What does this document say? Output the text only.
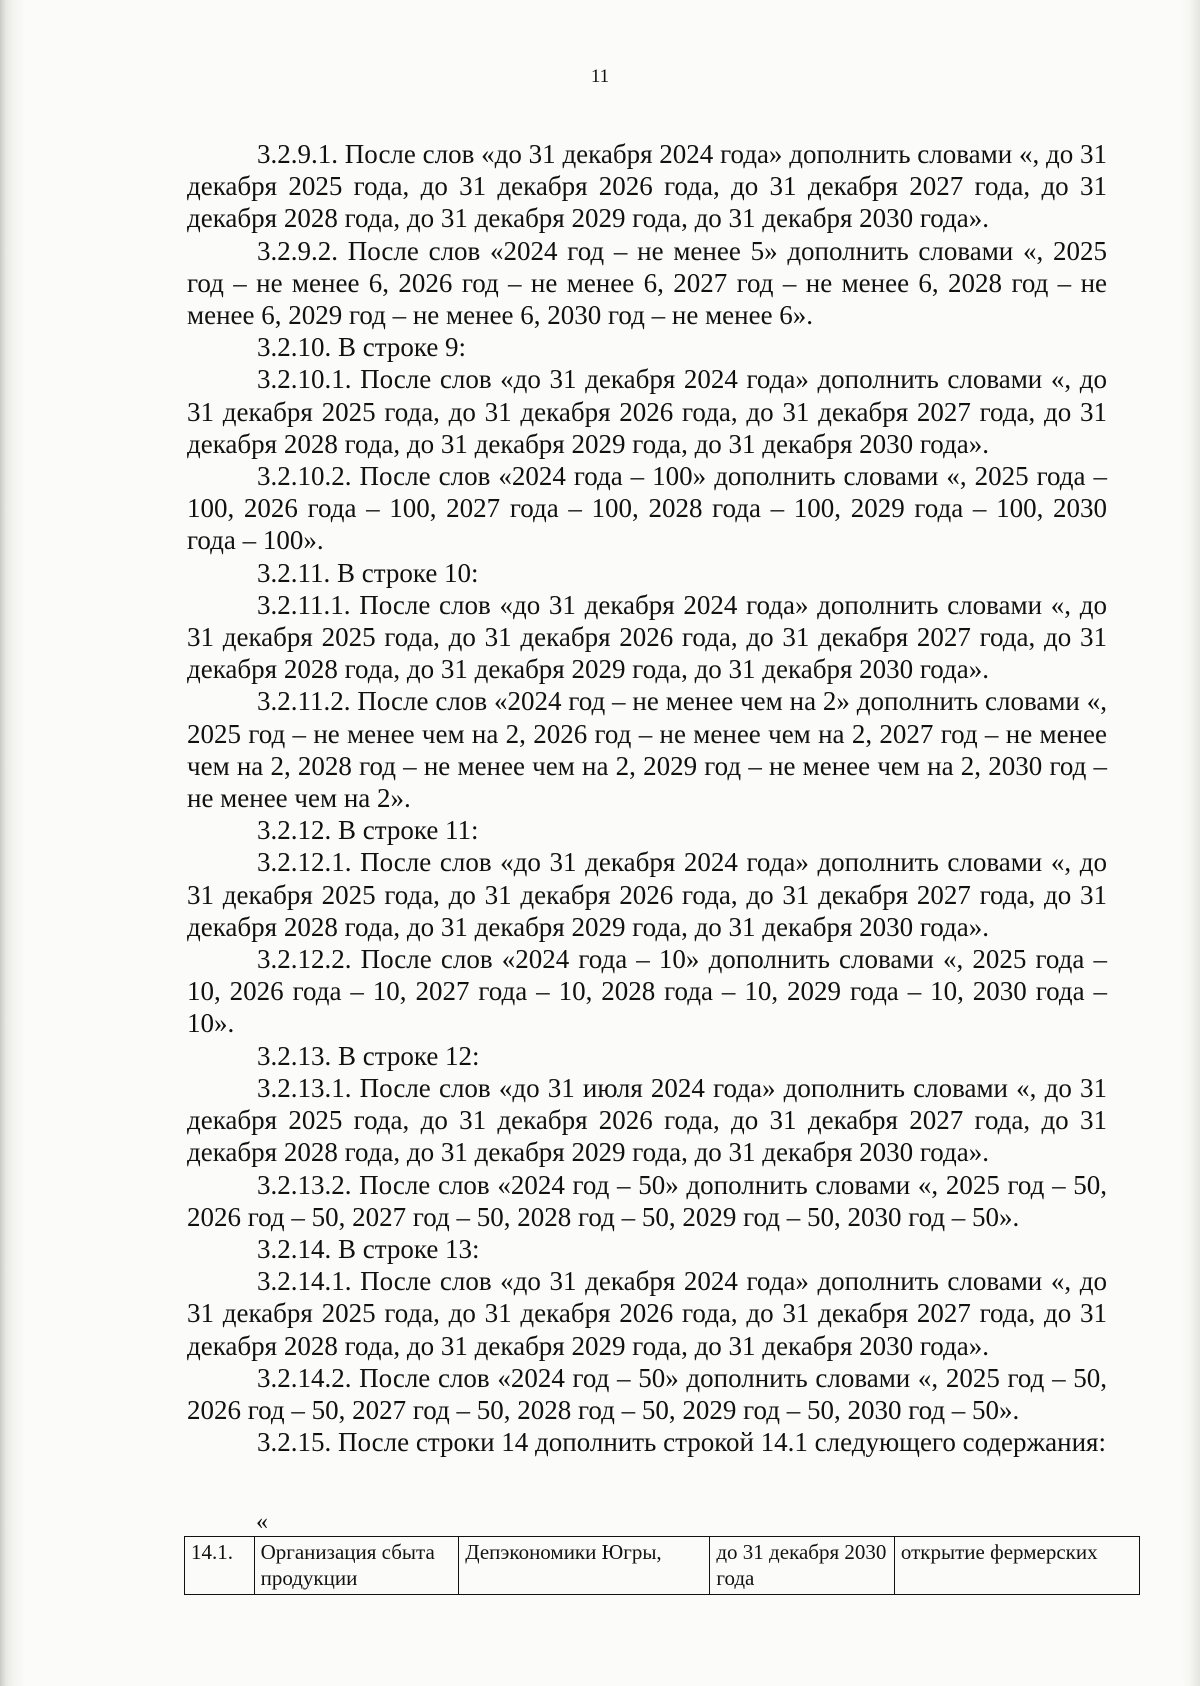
11

3.2.9.1. После слов «до 31 декабря 2024 года» дополнить словами «, до 31 декабря 2025 года, до 31 декабря 2026 года, до 31 декабря 2027 года, до 31 декабря 2028 года, до 31 декабря 2029 года, до 31 декабря 2030 года».

3.2.9.2. После слов «2024 год – не менее 5» дополнить словами «, 2025 год – не менее 6, 2026 год – не менее 6, 2027 год – не менее 6, 2028 год – не менее 6, 2029 год – не менее 6, 2030 год – не менее 6».

3.2.10. В строке 9:

3.2.10.1. После слов «до 31 декабря 2024 года» дополнить словами «, до 31 декабря 2025 года, до 31 декабря 2026 года, до 31 декабря 2027 года, до 31 декабря 2028 года, до 31 декабря 2029 года, до 31 декабря 2030 года».

3.2.10.2. После слов «2024 года – 100» дополнить словами «, 2025 года – 100, 2026 года – 100, 2027 года – 100, 2028 года – 100, 2029 года – 100, 2030 года – 100».

3.2.11. В строке 10:

3.2.11.1. После слов «до 31 декабря 2024 года» дополнить словами «, до 31 декабря 2025 года, до 31 декабря 2026 года, до 31 декабря 2027 года, до 31 декабря 2028 года, до 31 декабря 2029 года, до 31 декабря 2030 года».

3.2.11.2. После слов «2024 год – не менее чем на 2» дополнить словами «, 2025 год – не менее чем на 2, 2026 год – не менее чем на 2, 2027 год – не менее чем на 2, 2028 год – не менее чем на 2, 2029 год – не менее чем на 2, 2030 год – не менее чем на 2».

3.2.12. В строке 11:

3.2.12.1. После слов «до 31 декабря 2024 года» дополнить словами «, до 31 декабря 2025 года, до 31 декабря 2026 года, до 31 декабря 2027 года, до 31 декабря 2028 года, до 31 декабря 2029 года, до 31 декабря 2030 года».

3.2.12.2. После слов «2024 года – 10» дополнить словами «, 2025 года – 10, 2026 года – 10, 2027 года – 10, 2028 года – 10, 2029 года – 10, 2030 года – 10».

3.2.13. В строке 12:

3.2.13.1. После слов «до 31 июля 2024 года» дополнить словами «, до 31 декабря 2025 года, до 31 декабря 2026 года, до 31 декабря 2027 года, до 31 декабря 2028 года, до 31 декабря 2029 года, до 31 декабря 2030 года».

3.2.13.2. После слов «2024 год – 50» дополнить словами «, 2025 год – 50, 2026 год – 50, 2027 год – 50, 2028 год – 50, 2029 год – 50, 2030 год – 50».

3.2.14. В строке 13:

3.2.14.1. После слов «до 31 декабря 2024 года» дополнить словами «, до 31 декабря 2025 года, до 31 декабря 2026 года, до 31 декабря 2027 года, до 31 декабря 2028 года, до 31 декабря 2029 года, до 31 декабря 2030 года».

3.2.14.2. После слов «2024 год – 50» дополнить словами «, 2025 год – 50, 2026 год – 50, 2027 год – 50, 2028 год – 50, 2029 год – 50, 2030 год – 50».

3.2.15. После строки 14 дополнить строкой 14.1 следующего содержания:

«
14.1.	Организация сбыта продукции	Депэкономики Югры,	до 31 декабря 2030 года	открытие фермерских
